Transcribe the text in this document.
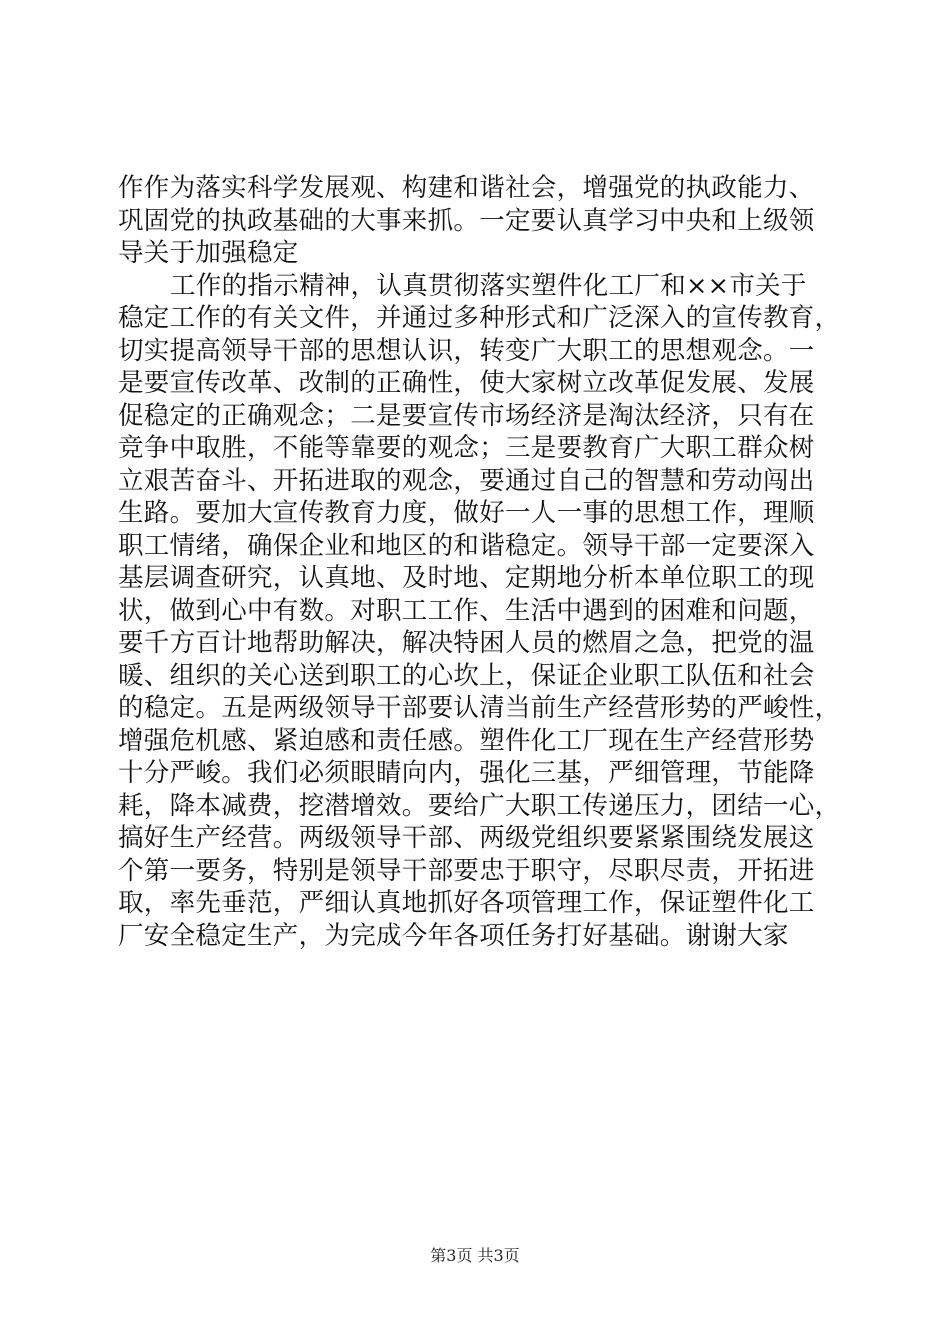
作作为落实科学发展观、构建和谐社会，增强党的执政能力、
巩固党的执政基础的大事来抓。一定要认真学习中央和上级领
导关于加强稳定
工作的指示精神，认真贯彻落实塑件化工厂和××市关于
稳定工作的有关文件，并通过多种形式和广泛深入的宣传教育，
切实提高领导干部的思想认识，转变广大职工的思想观念。一
是要宣传改革、改制的正确性，使大家树立改革促发展、发展
促稳定的正确观念；二是要宣传市场经济是淘汰经济，只有在
竞争中取胜，不能等靠要的观念；三是要教育广大职工群众树
立艰苦奋斗、开拓进取的观念，要通过自己的智慧和劳动闯出
生路。要加大宣传教育力度，做好一人一事的思想工作，理顺
职工情绪，确保企业和地区的和谐稳定。领导干部一定要深入
基层调查研究，认真地、及时地、定期地分析本单位职工的现
状，做到心中有数。对职工工作、生活中遇到的困难和问题，
要千方百计地帮助解决，解决特困人员的燃眉之急，把党的温
暖、组织的关心送到职工的心坎上，保证企业职工队伍和社会
的稳定。五是两级领导干部要认清当前生产经营形势的严峻性，
增强危机感、紧迫感和责任感。塑件化工厂现在生产经营形势
十分严峻。我们必须眼睛向内，强化三基，严细管理，节能降
耗，降本减费，挖潜增效。要给广大职工传递压力，团结一心，
搞好生产经营。两级领导干部、两级党组织要紧紧围绕发展这
个第一要务，特别是领导干部要忠于职守，尽职尽责，开拓进
取，率先垂范，严细认真地抓好各项管理工作，保证塑件化工
厂安全稳定生产，为完成今年各项任务打好基础。谢谢大家
第3页 共3页
